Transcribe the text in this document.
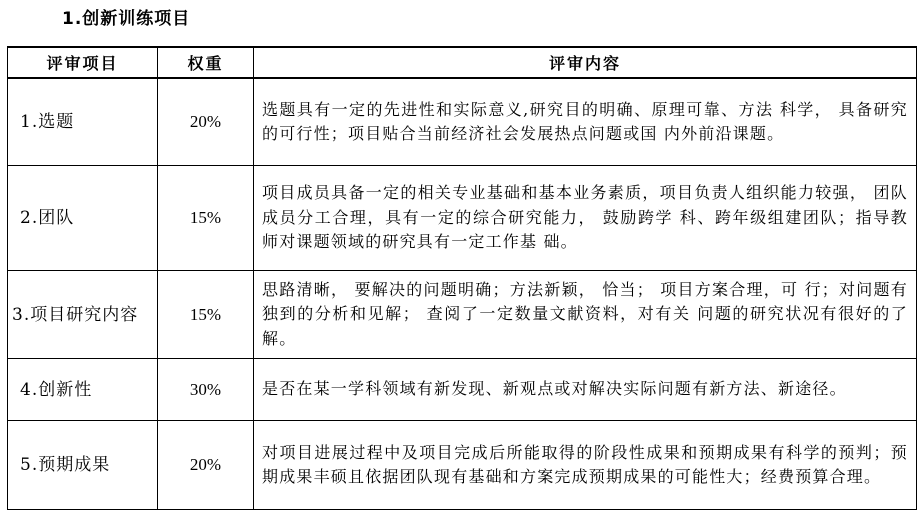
1.创新训练项目
评审项目	权重	评审内容
1.选题	20%	选题具有一定的先进性和实际意义,研究目的明确、原理可靠、方法 科学， 具备研究的可行性；项目贴合当前经济社会发展热点问题或国 内外前沿课题。
2.团队	15%	项目成员具备一定的相关专业基础和基本业务素质，项目负责人组织能力较强， 团队成员分工合理，具有一定的综合研究能力， 鼓励跨学 科、跨年级组建团队；指导教师对课题领域的研究具有一定工作基 础。
3.项目研究内容	15%	思路清晰， 要解决的问题明确；方法新颖， 恰当； 项目方案合理，可 行；对问题有独到的分析和见解； 查阅了一定数量文献资料，对有关 问题的研究状况有很好的了解。
4.创新性	30%	是否在某一学科领域有新发现、新观点或对解决实际问题有新方法、新途径。
5.预期成果	20%	对项目进展过程中及项目完成后所能取得的阶段性成果和预期成果有科学的预判；预期成果丰硕且依据团队现有基础和方案完成预期成果的可能性大；经费预算合理。
